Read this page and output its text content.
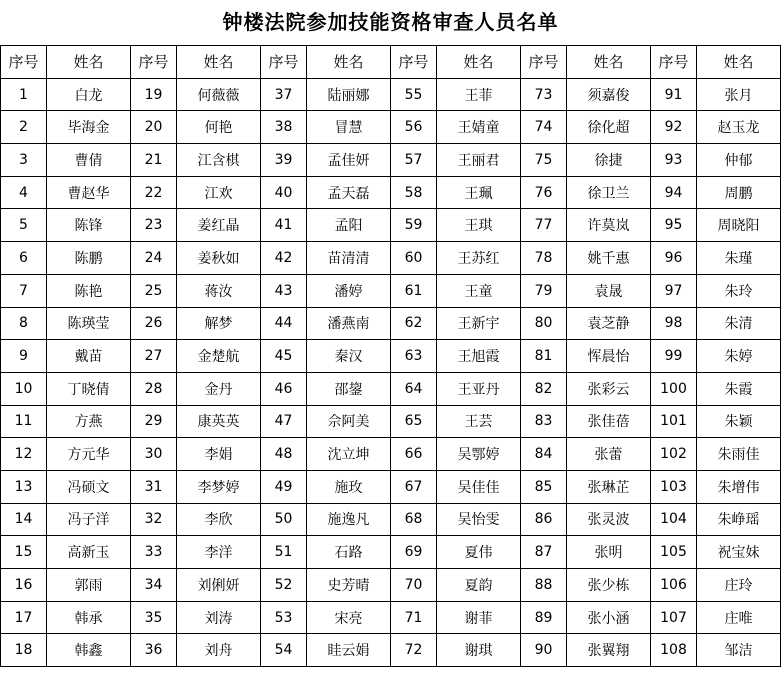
钟楼法院参加技能资格审查人员名单
序号	姓名	序号	姓名	序号	姓名	序号	姓名	序号	姓名	序号	姓名
1	白龙	19	何薇薇	37	陆丽娜	55	王菲	73	须嘉俊	91	张月
2	毕海金	20	何艳	38	冒慧	56	王婧童	74	徐化超	92	赵玉龙
3	曹倩	21	江含棋	39	孟佳妍	57	王丽君	75	徐捷	93	仲郁
4	曹赵华	22	江欢	40	孟天磊	58	王珮	76	徐卫兰	94	周鹏
5	陈锋	23	姜红晶	41	孟阳	59	王琪	77	许莫岚	95	周晓阳
6	陈鹏	24	姜秋如	42	苗清清	60	王苏红	78	姚千惠	96	朱瑾
7	陈艳	25	蒋汝	43	潘婷	61	王童	79	袁晟	97	朱玲
8	陈瑛莹	26	解梦	44	潘燕南	62	王新宇	80	袁芝静	98	朱清
9	戴苗	27	金楚航	45	秦汉	63	王旭霞	81	恽晨怡	99	朱婷
10	丁晓倩	28	金丹	46	邵鋆	64	王亚丹	82	张彩云	100	朱霞
11	方燕	29	康英英	47	佘阿美	65	王芸	83	张佳蓓	101	朱颖
12	方元华	30	李娟	48	沈立坤	66	吴鄂婷	84	张蕾	102	朱雨佳
13	冯硕文	31	李梦婷	49	施玫	67	吴佳佳	85	张琳芷	103	朱增伟
14	冯子洋	32	李欣	50	施逸凡	68	吴怡雯	86	张灵波	104	朱峥瑶
15	高新玉	33	李洋	51	石路	69	夏伟	87	张明	105	祝宝妹
16	郭雨	34	刘俐妍	52	史芳晴	70	夏韵	88	张少栋	106	庄玲
17	韩承	35	刘涛	53	宋亮	71	谢菲	89	张小涵	107	庄唯
18	韩鑫	36	刘舟	54	眭云娟	72	谢琪	90	张翼翔	108	邹洁
